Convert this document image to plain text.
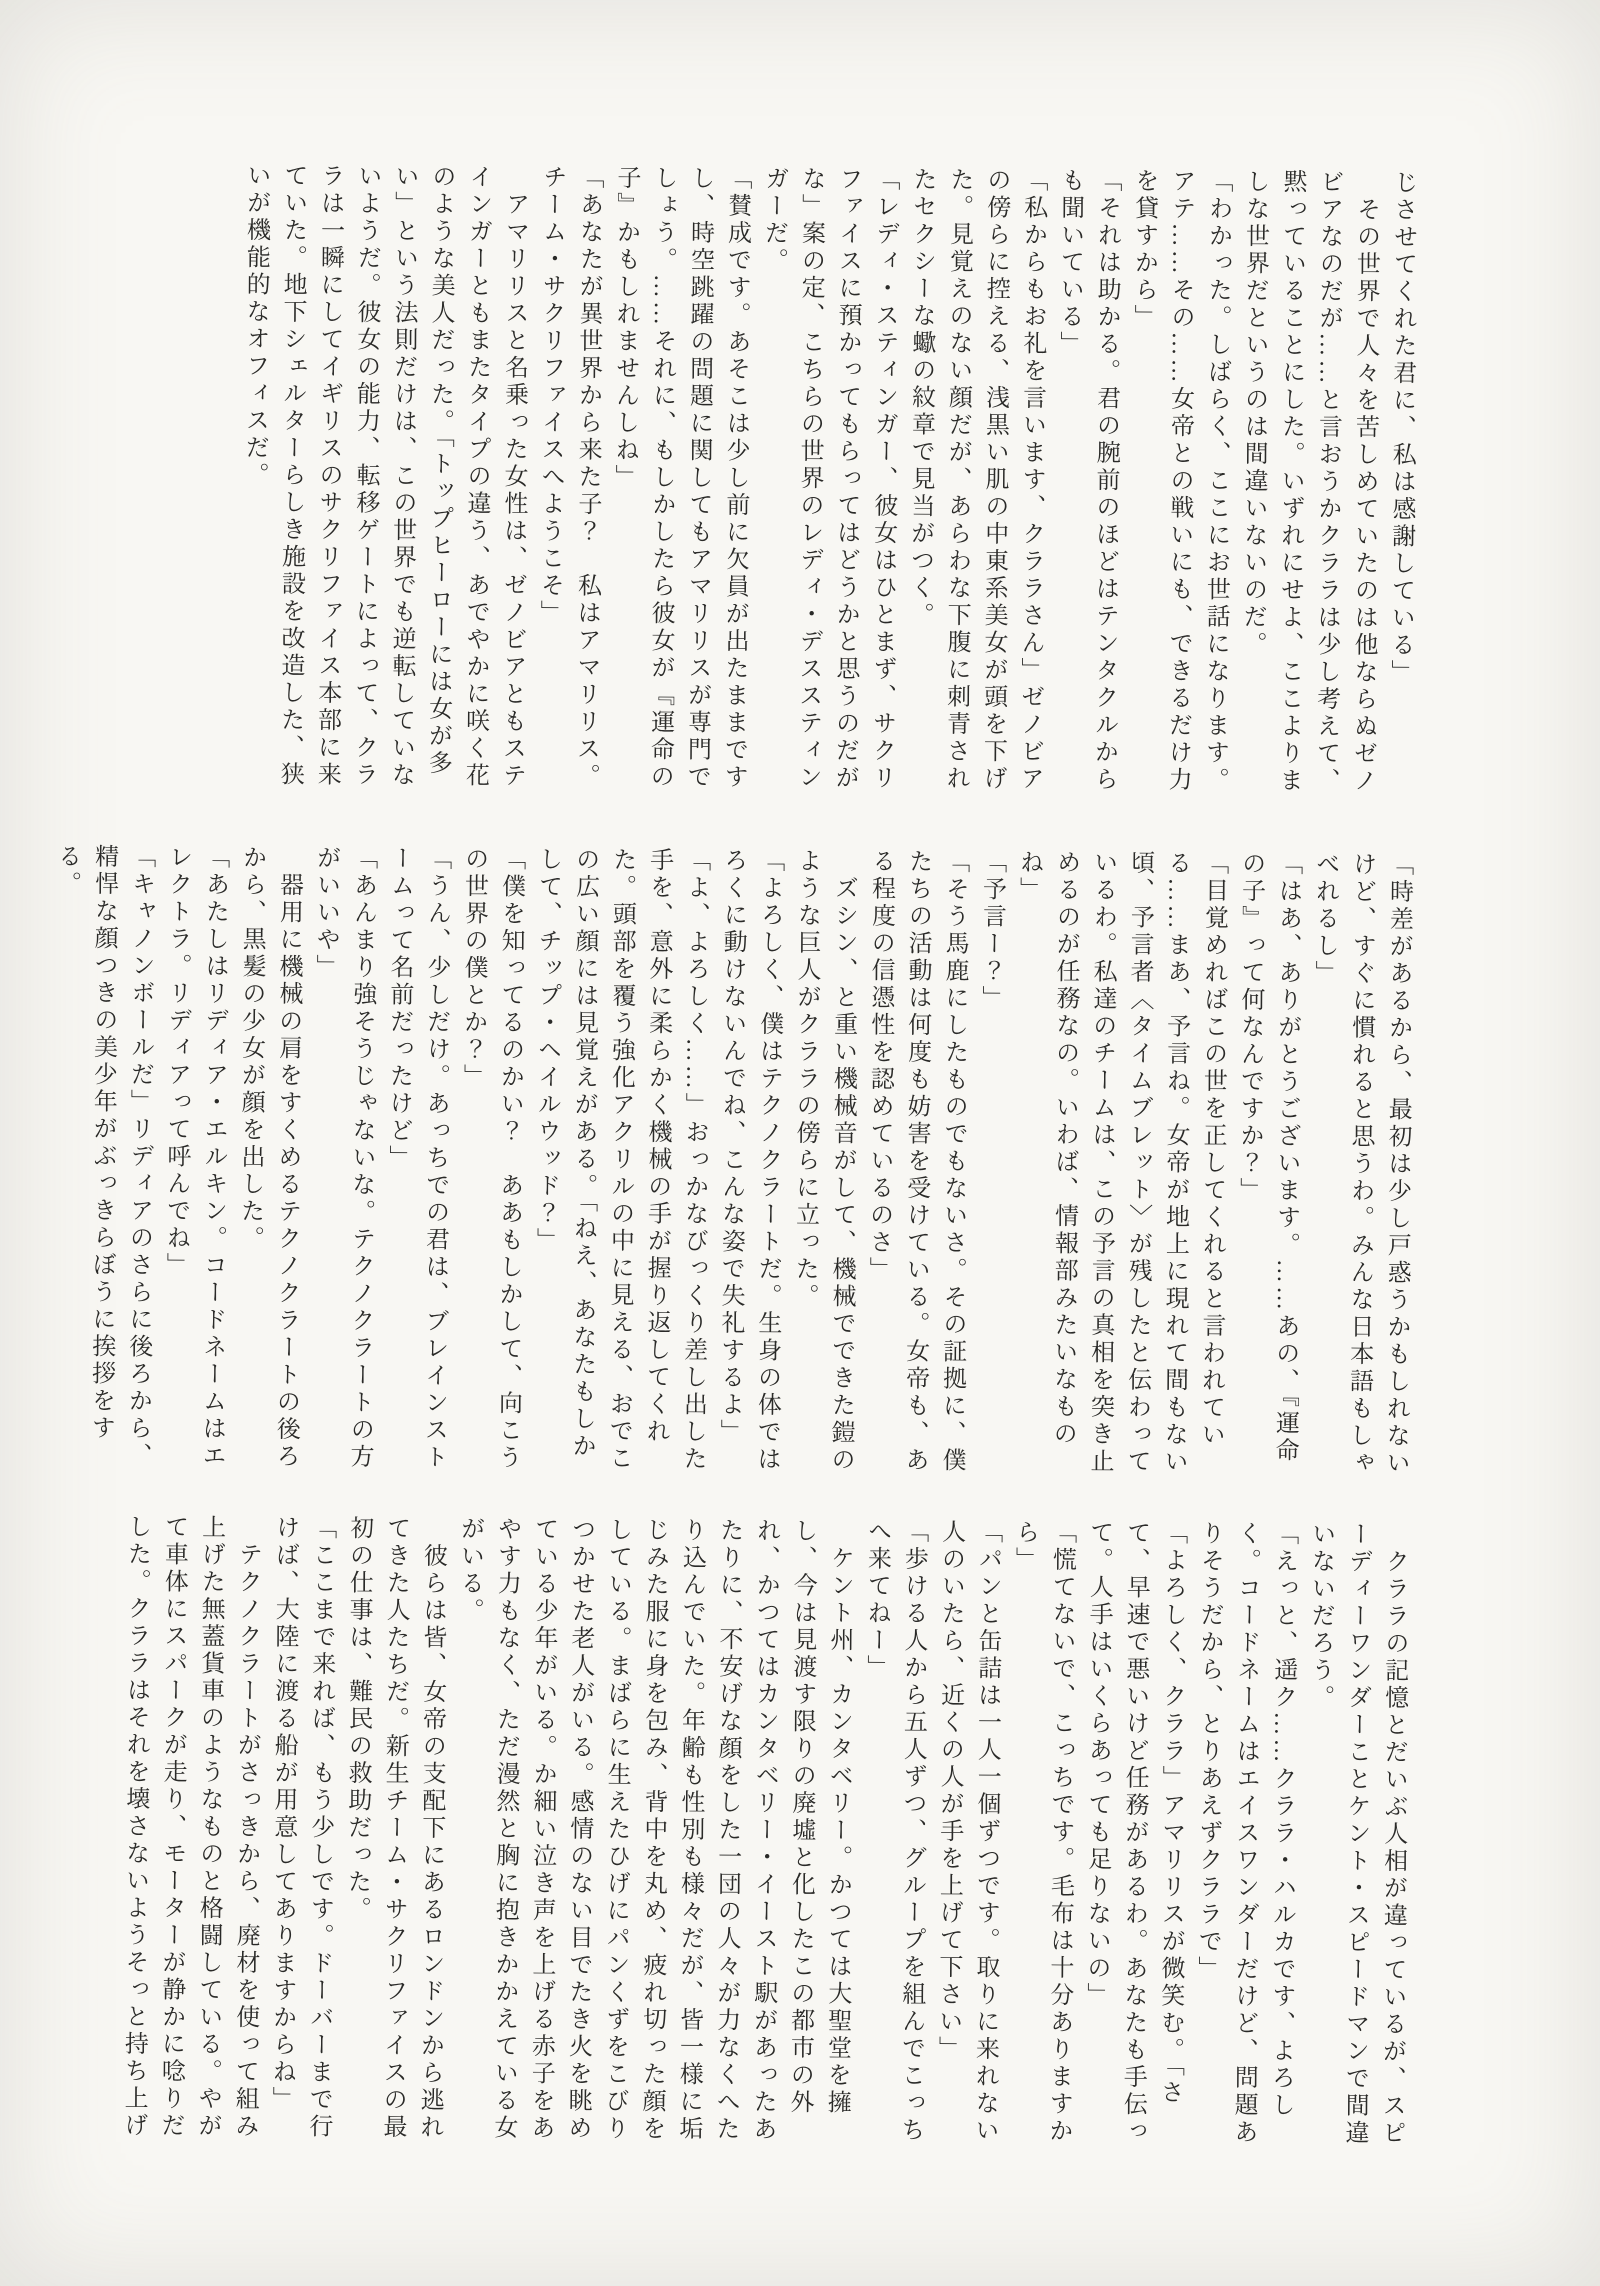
じさせてくれた君に、私は感謝している」
　その世界で人々を苦しめていたのは他ならぬゼノビアなのだが……と言おうかクララは少し考えて、黙っていることにした。いずれにせよ、ここよりましな世界だというのは間違いないのだ。
「わかった。しばらく、ここにお世話になります。アテ……その……女帝との戦いにも、できるだけ力を貸すから」
「それは助かる。君の腕前のほどはテンタクルからも聞いている」
「私からもお礼を言います、クララさん」ゼノビアの傍らに控える、浅黒い肌の中東系美女が頭を下げた。見覚えのない顔だが、あらわな下腹に刺青されたセクシーな蠍の紋章で見当がつく。
「レディ・スティンガー、彼女はひとまず、サクリファイスに預かってもらってはどうかと思うのだがな」案の定、こちらの世界のレディ・デススティンガーだ。
「賛成です。あそこは少し前に欠員が出たままですし、時空跳躍の問題に関してもアマリリスが専門でしょう。……それに、もしかしたら彼女が『運命の子』かもしれませんしね」
「あなたが異世界から来た子？　私はアマリリス。チーム・サクリファイスへようこそ」
　アマリリスと名乗った女性は、ゼノビアともステインガーともまたタイプの違う、あでやかに咲く花のような美人だった。「トップヒーローには女が多い」という法則だけは、この世界でも逆転していないようだ。彼女の能力、転移ゲートによって、クララは一瞬にしてイギリスのサクリファイス本部に来ていた。地下シェルターらしき施設を改造した、狭いが機能的なオフィスだ。
「時差があるから、最初は少し戸惑うかもしれないけど、すぐに慣れると思うわ。みんな日本語もしゃべれるし」
「はあ、ありがとうございます。……あの、『運命の子』って何なんですか？」
「目覚めればこの世を正してくれると言われている……まあ、予言ね。女帝が地上に現れて間もない頃、予言者〈タイムブレット〉が残したと伝わっているわ。私達のチームは、この予言の真相を突き止めるのが任務なの。いわば、情報部みたいなものね」
「予言ー？」
「そう馬鹿にしたものでもないさ。その証拠に、僕たちの活動は何度も妨害を受けている。女帝も、ある程度の信憑性を認めているのさ」
　ズシン、と重い機械音がして、機械でできた鎧のような巨人がクララの傍らに立った。
「よろしく、僕はテクノクラートだ。生身の体ではろくに動けないんでね、こんな姿で失礼するよ」
「よ、よろしく……」おっかなびっくり差し出した手を、意外に柔らかく機械の手が握り返してくれた。頭部を覆う強化アクリルの中に見える、おでこの広い顔には見覚えがある。「ねえ、あなたもしかして、チップ・ヘイルウッド？」
「僕を知ってるのかい？　ああもしかして、向こうの世界の僕とか？」
「うん、少しだけ。あっちでの君は、ブレインストームって名前だったけど」
「あんまり強そうじゃないな。テクノクラートの方がいいや」
　器用に機械の肩をすくめるテクノクラートの後ろから、黒髪の少女が顔を出した。
「あたしはリディア・エルキン。コードネームはエレクトラ。リディアって呼んでね」
「キャノンボールだ」リディアのさらに後ろから、精悍な顔つきの美少年がぶっきらぼうに挨拶をする。
　クララの記憶とだいぶ人相が違っているが、スピーディーワンダーことケント・スピードマンで間違いないだろう。
「えっと、遥ク……クララ・ハルカです、よろしく。コードネームはエイスワンダーだけど、問題ありそうだから、とりあえずクララで」
「よろしく、クララ」アマリリスが微笑む。「さて、早速で悪いけど任務があるわ。あなたも手伝って。人手はいくらあっても足りないの」
「慌てないで、こっちです。毛布は十分ありますから」
「パンと缶詰は一人一個ずつです。取りに来れない人のいたら、近くの人が手を上げて下さい」
「歩ける人から五人ずつ、グループを組んでこっちへ来てねー」
　ケント州、カンタベリー。かつては大聖堂を擁し、今は見渡す限りの廃墟と化したこの都市の外れ、かつてはカンタベリー・イースト駅があったあたりに、不安げな顔をした一団の人々が力なくへたり込んでいた。年齢も性別も様々だが、皆一様に垢じみた服に身を包み、背中を丸め、疲れ切った顔をしている。まばらに生えたひげにパンくずをこびりつかせた老人がいる。感情のない目でたき火を眺めている少年がいる。か細い泣き声を上げる赤子をあやす力もなく、ただ漫然と胸に抱きかかえている女がいる。
　彼らは皆、女帝の支配下にあるロンドンから逃れてきた人たちだ。新生チーム・サクリファイスの最初の仕事は、難民の救助だった。
「ここまで来れば、もう少しです。ドーバーまで行けば、大陸に渡る船が用意してありますからね」
　テクノクラートがさっきから、廃材を使って組み上げた無蓋貨車のようなものと格闘している。やがて車体にスパークが走り、モーターが静かに唸りだした。クララはそれを壊さないようそっと持ち上げ
